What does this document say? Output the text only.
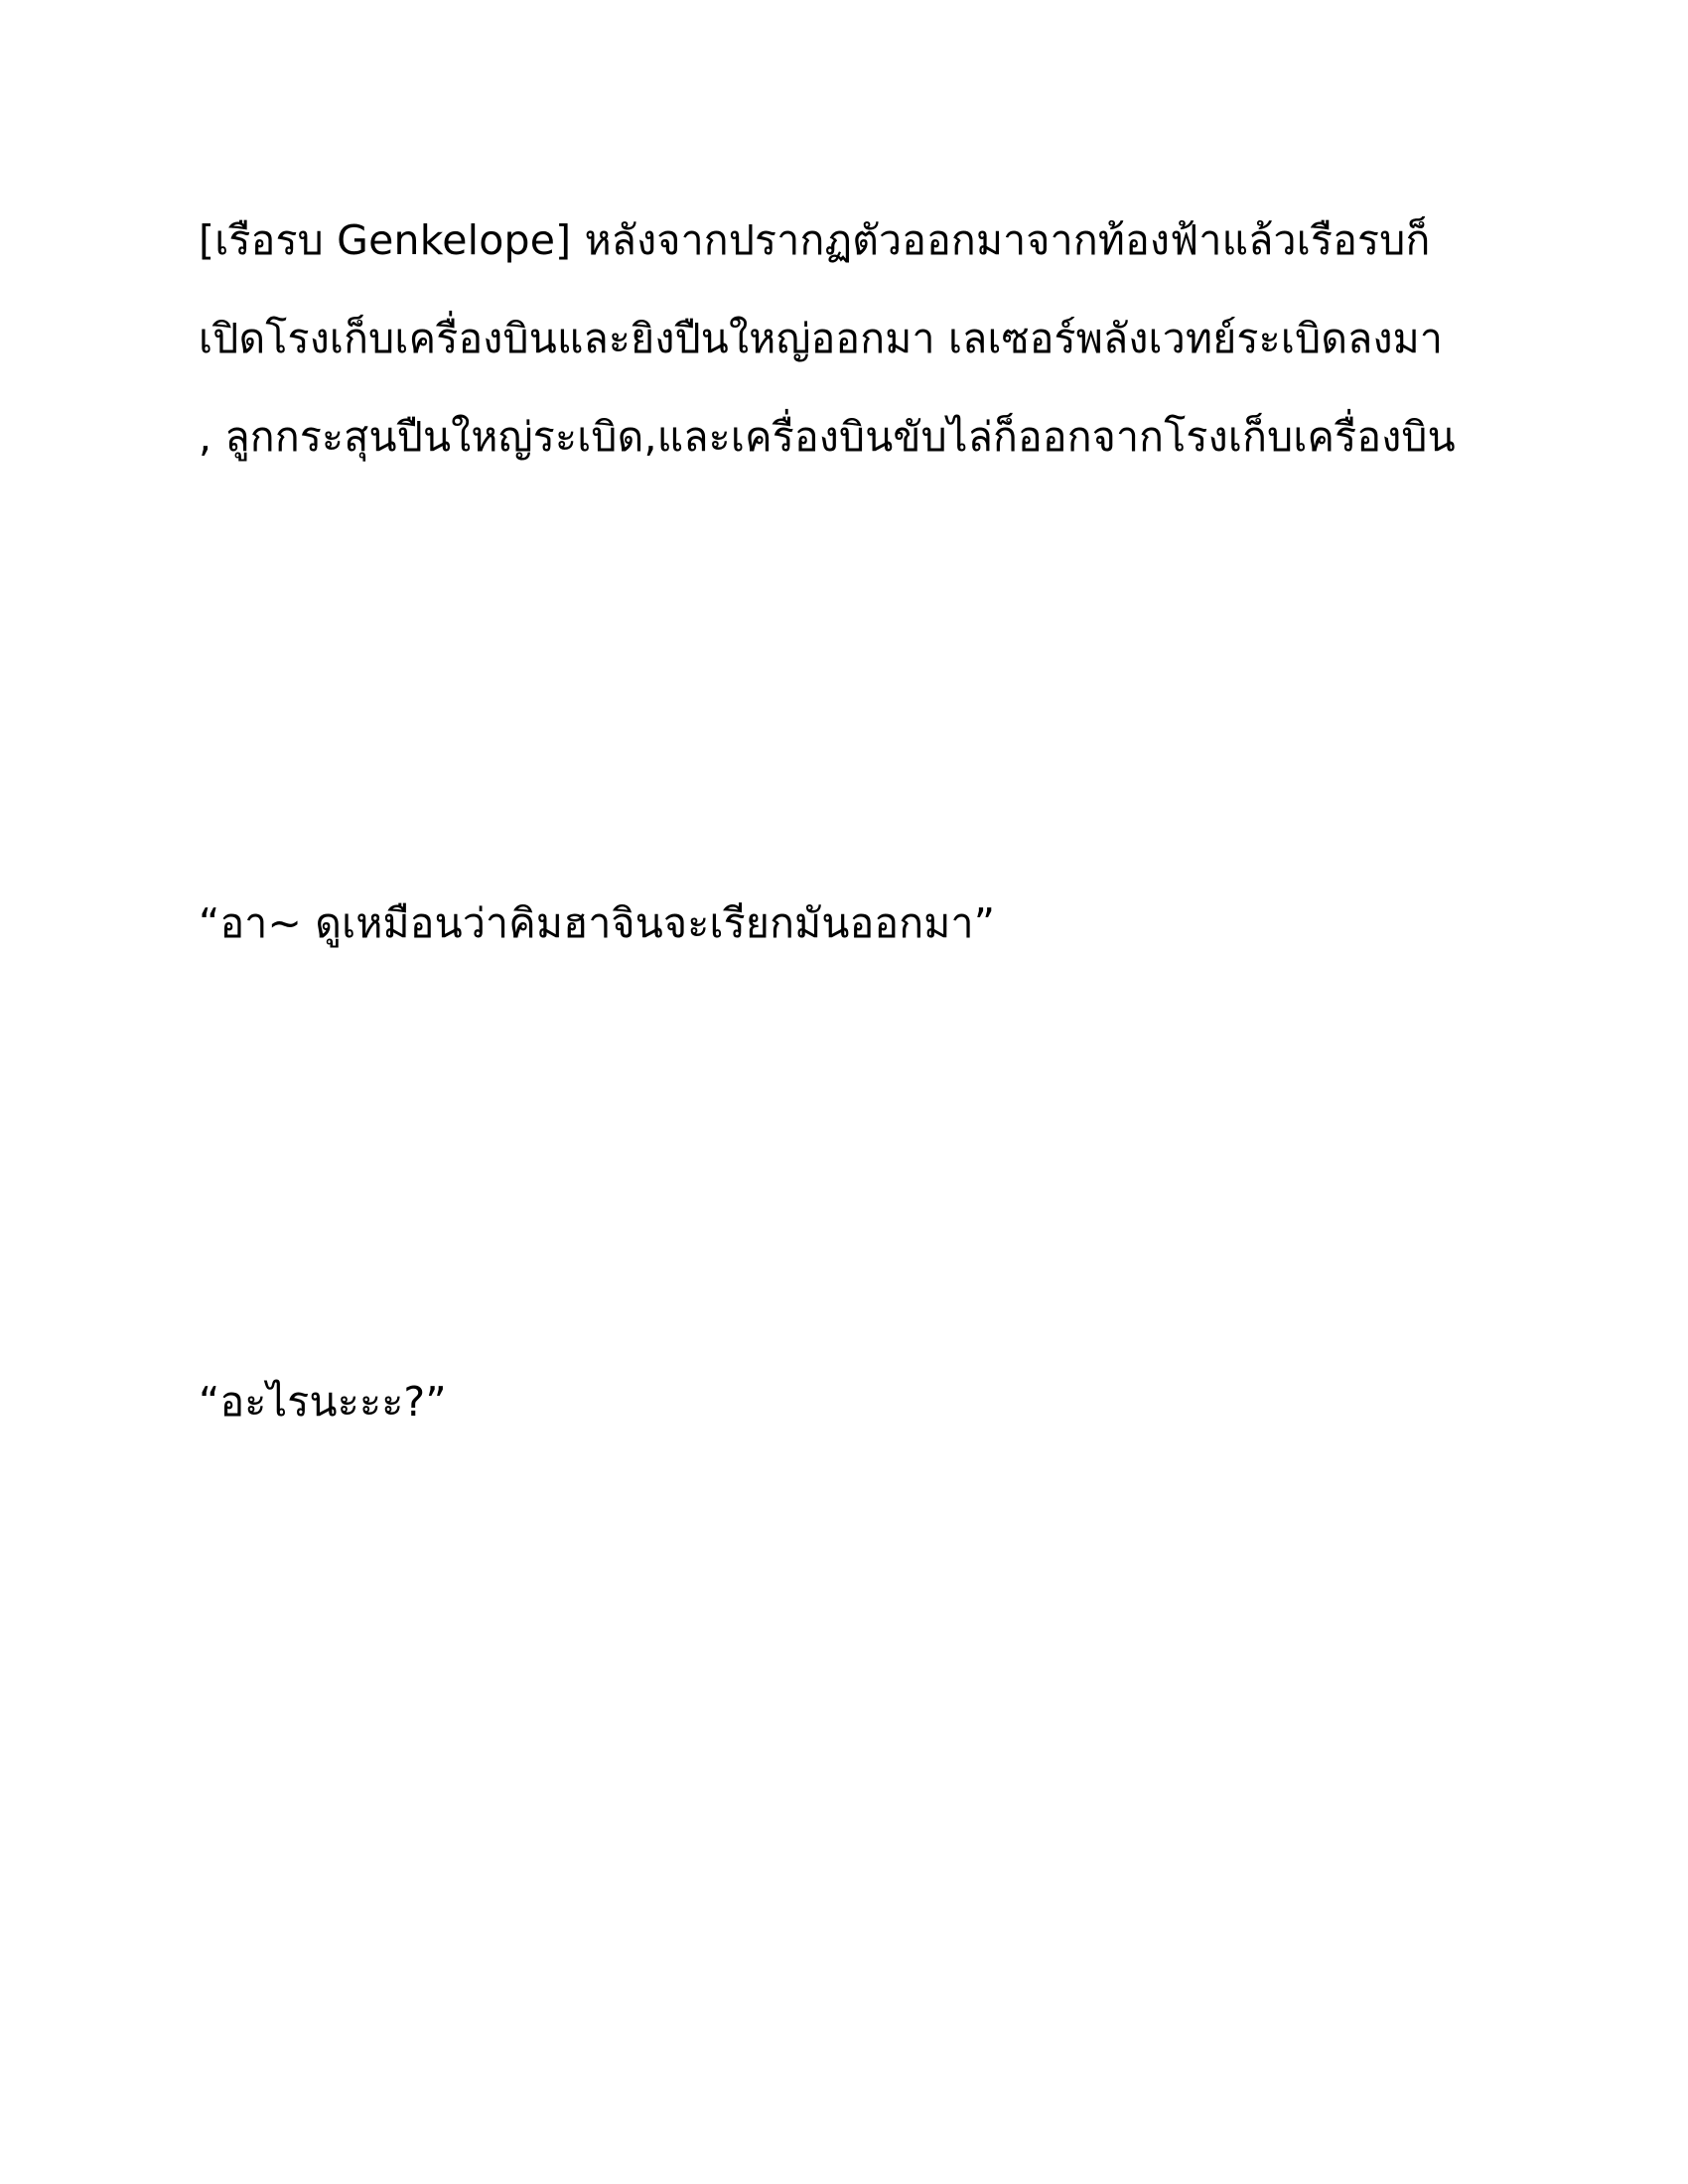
[เรือรบ Genkelope] หลังจากปรากฏตัวออกมาจากท้องฟ้าแล้วเรือรบก็
เปิดโรงเก็บเครื่องบินและยิงปืนใหญ่ออกมา เลเซอร์พลังเวทย์ระเบิดลงมา
, ลูกกระสุนปืนใหญ่ระเบิด,และเครื่องบินขับไล่ก็ออกจากโรงเก็บเครื่องบิน
“อา~ ดูเหมือนว่าคิมฮาจินจะเรียกมันออกมา”
“อะไรนะะะ?”
